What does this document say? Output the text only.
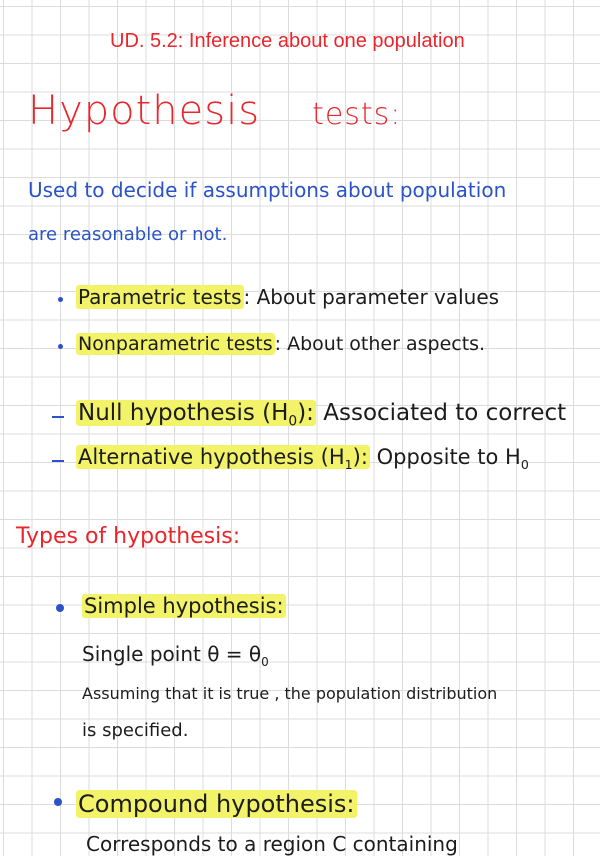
UD. 5.2: Inference about one population
Hypothesis tests:
Used to decide if assumptions about population
are reasonable or not.
Parametric tests : About parameter values
Nonparametric tests : About other aspects.
Null hypothesis $(H_0)$: Associated to correct
Alternative hypothesis $(H_1)$: Opposite to $H_0$
Types of hypothesis:
Simple hypothesis:
Single point $\theta = \theta_0$
Assuming that it is true , the population distribution
is specified.
Compound hypothesis:
Corresponds to a region C containing
